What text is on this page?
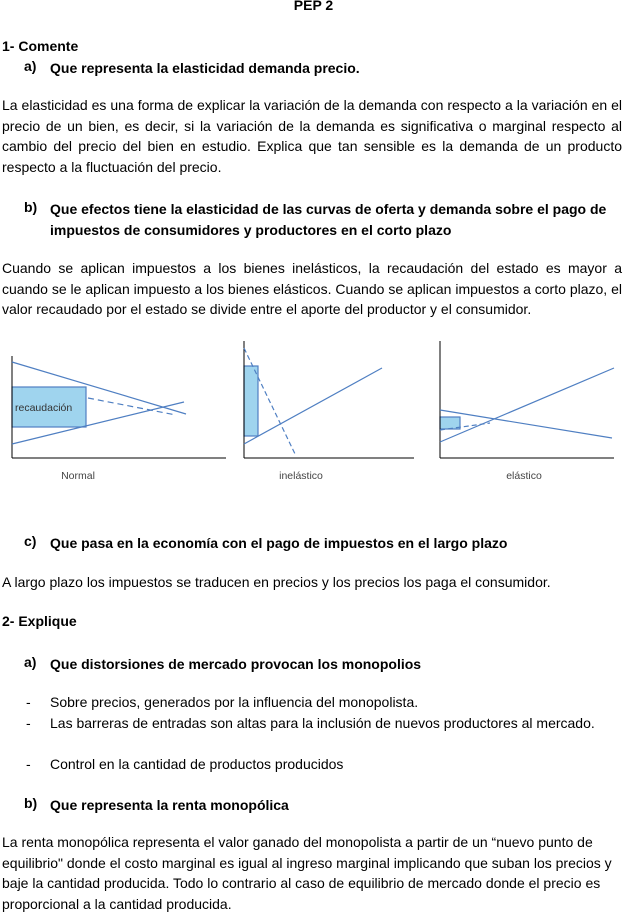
PEP 2
1- Comente
a) Que representa la elasticidad demanda precio.
La elasticidad es una forma de explicar la variación de la demanda con respecto a la variación en el precio de un bien, es decir, si la variación de la demanda es significativa o marginal respecto al cambio del precio del bien en estudio. Explica que tan sensible es la demanda de un producto respecto a la fluctuación del precio.
b) Que efectos tiene la elasticidad de las curvas de oferta y demanda sobre el pago de impuestos de consumidores y productores en el corto plazo
Cuando se aplican impuestos a los bienes inelásticos, la recaudación del estado es mayor a cuando se le aplican impuesto a los bienes elásticos. Cuando se aplican impuestos a corto plazo, el valor recaudado por el estado se divide entre el aporte del productor y el consumidor.
recaudación
Normal	inelástico	elástico
c) Que pasa en la economía con el pago de impuestos en el largo plazo
A largo plazo los impuestos se traducen en precios y los precios los paga el consumidor.
2- Explique
a) Que distorsiones de mercado provocan los monopolios
- Sobre precios, generados por la influencia del monopolista.
- Las barreras de entradas son altas para la inclusión de nuevos productores al mercado.
- Control en la cantidad de productos producidos
b) Que representa la renta monopólica
La renta monopólica representa el valor ganado del monopolista a partir de un “nuevo punto de equilibrio" donde el costo marginal es igual al ingreso marginal implicando que suban los precios y baje la cantidad producida. Todo lo contrario al caso de equilibrio de mercado donde el precio es proporcional a la cantidad producida.
